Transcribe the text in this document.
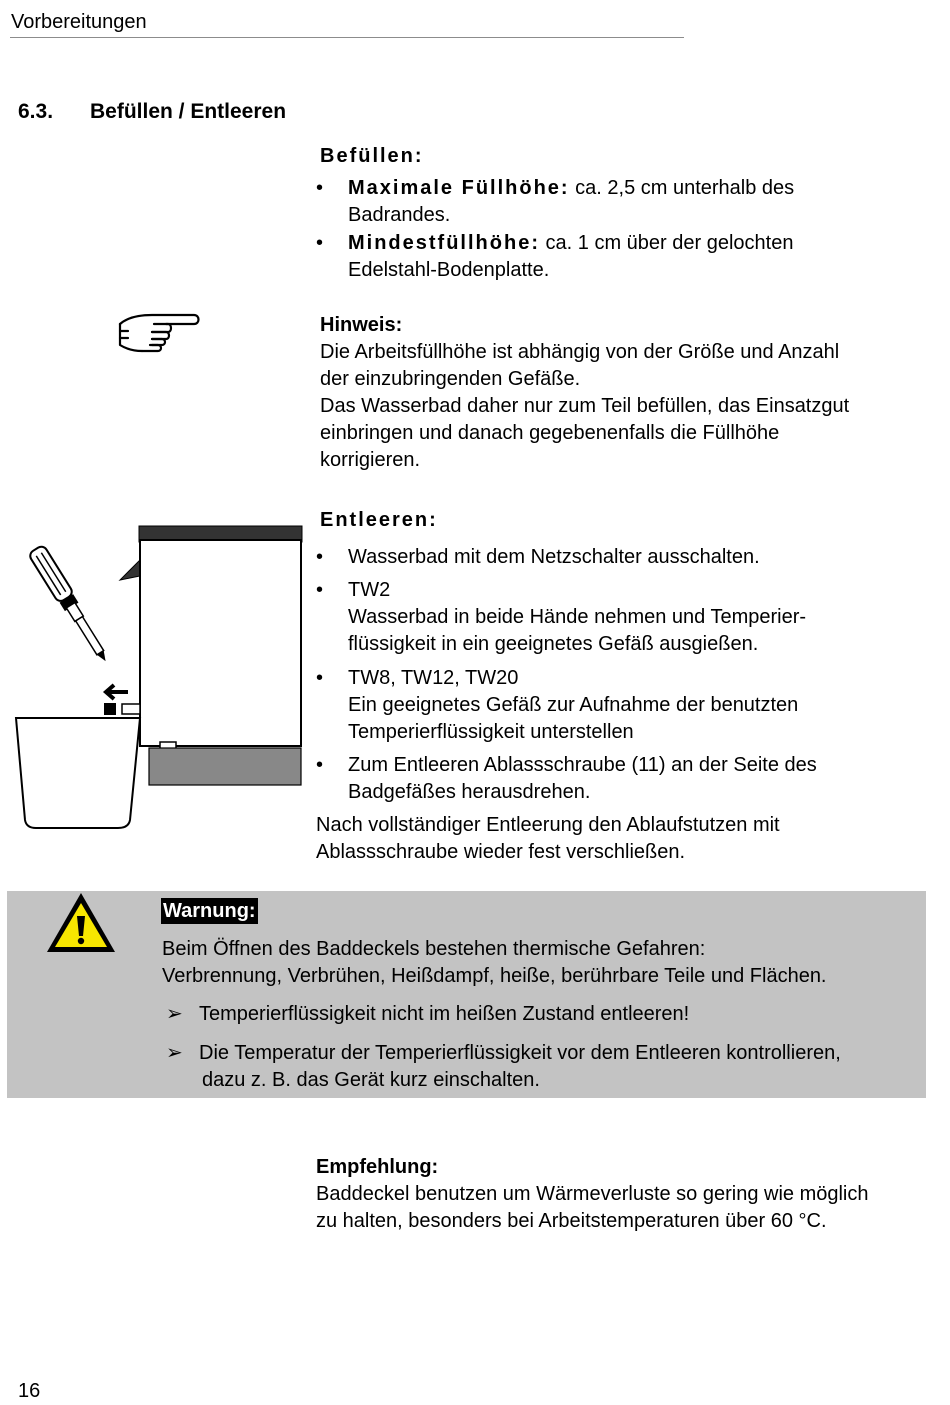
Vorbereitungen
6.3. Befüllen / Entleeren
Befüllen:
• Maximale Füllhöhe: ca. 2,5 cm unterhalb des
Badrandes.
• Mindestfüllhöhe: ca. 1 cm über der gelochten
Edelstahl-Bodenplatte.
Hinweis:
Die Arbeitsfüllhöhe ist abhängig von der Größe und Anzahl
der einzubringenden Gefäße.
Das Wasserbad daher nur zum Teil befüllen, das Einsatzgut
einbringen und danach gegebenenfalls die Füllhöhe
korrigieren.
Entleeren:
• Wasserbad mit dem Netzschalter ausschalten.
• TW2
Wasserbad in beide Hände nehmen und Temperier-
flüssigkeit in ein geeignetes Gefäß ausgießen.
• TW8, TW12, TW20
Ein geeignetes Gefäß zur Aufnahme der benutzten
Temperierflüssigkeit unterstellen
• Zum Entleeren Ablassschraube (11) an der Seite des
Badgefäßes herausdrehen.
Nach vollständiger Entleerung den Ablaufstutzen mit
Ablassschraube wieder fest verschließen.
Warnung:
Beim Öffnen des Baddeckels bestehen thermische Gefahren:
Verbrennung, Verbrühen, Heißdampf, heiße, berührbare Teile und Flächen.
➢ Temperierflüssigkeit nicht im heißen Zustand entleeren!
➢ Die Temperatur der Temperierflüssigkeit vor dem Entleeren kontrollieren,
dazu z. B. das Gerät kurz einschalten.
Empfehlung:
Baddeckel benutzen um Wärmeverluste so gering wie möglich
zu halten, besonders bei Arbeitstemperaturen über 60 °C.
16
